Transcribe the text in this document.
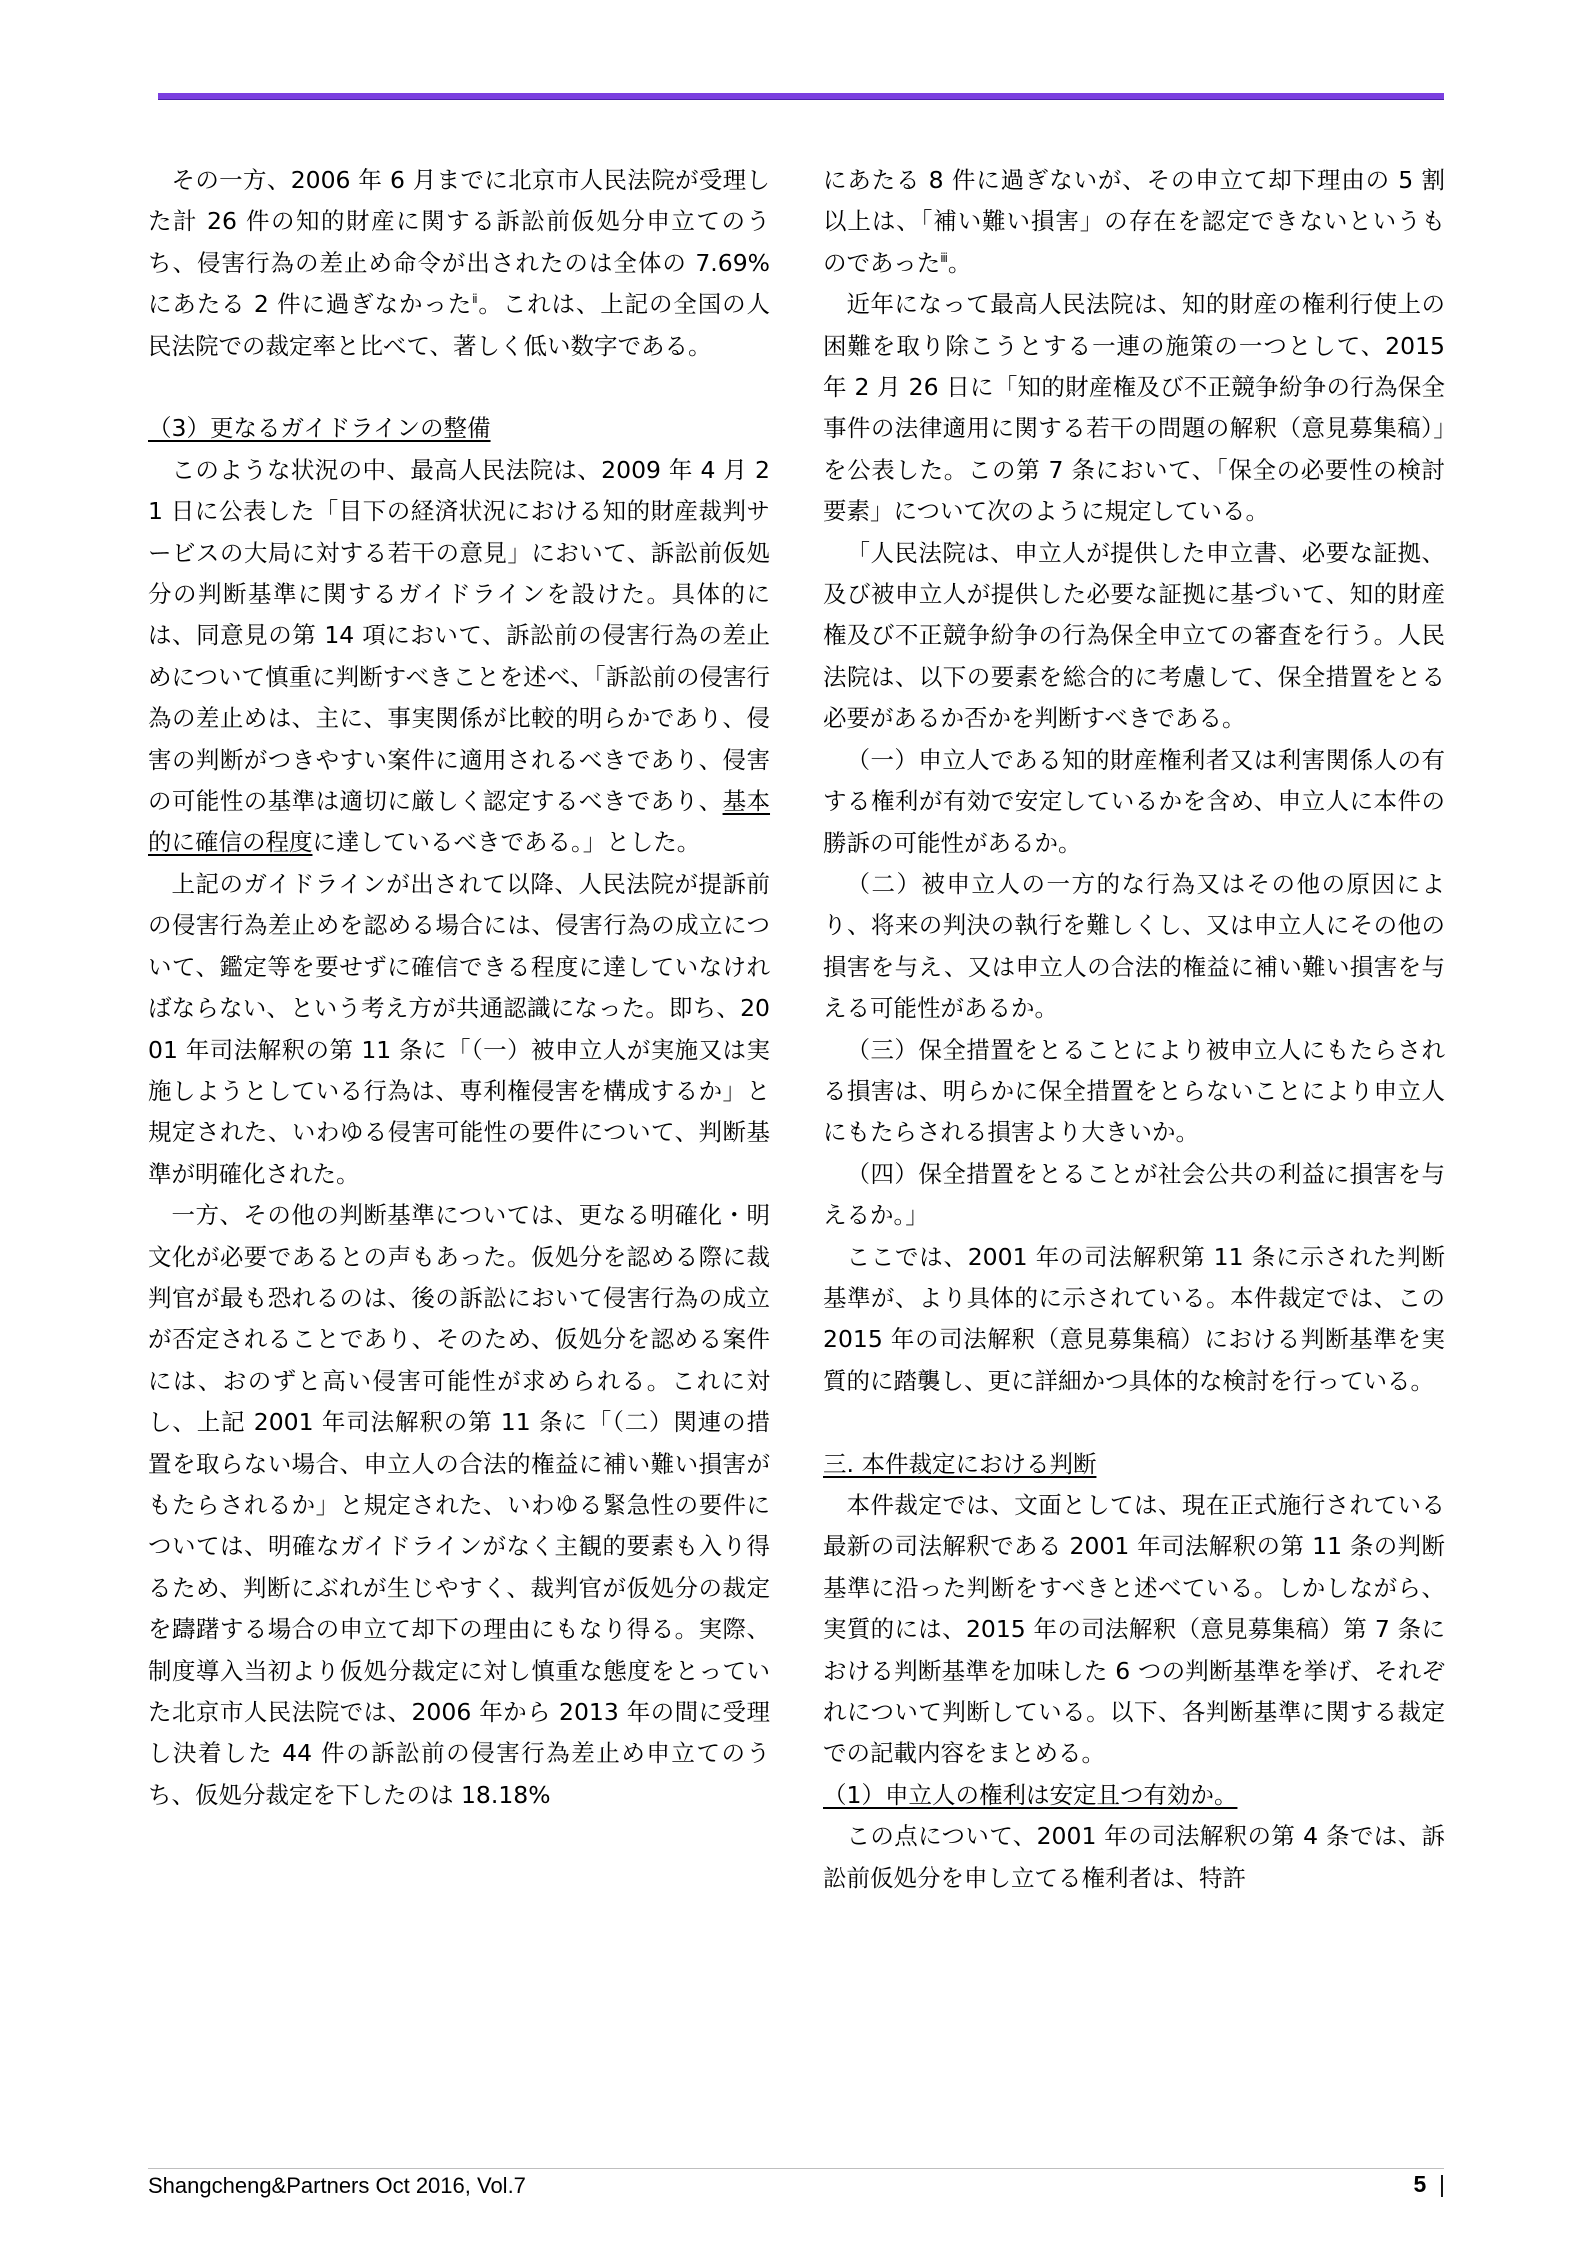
その一方、2006 年 6 月までに北京市人民法院が受理した計 26 件の知的財産に関する訴訟前仮処分申立てのうち、侵害行為の差止め命令が出されたのは全体の 7.69%にあたる 2 件に過ぎなかった$^ⅱ$。これは、上記の全国の人民法院での裁定率と比べて、著しく低い数字である。

（3）更なるガイドラインの整備

このような状況の中、最高人民法院は、2009 年 4 月 21 日に公表した「目下の経済状況における知的財産裁判サービスの大局に対する若干の意見」において、訴訟前仮処分の判断基準に関するガイドラインを設けた。具体的には、同意見の第 14 項において、訴訟前の侵害行為の差止めについて慎重に判断すべきことを述べ、「訴訟前の侵害行為の差止めは、主に、事実関係が比較的明らかであり、侵害の判断がつきやすい案件に適用されるべきであり、侵害の可能性の基準は適切に厳しく認定するべきであり、基本的に確信の程度に達しているべきである。」とした。

上記のガイドラインが出されて以降、人民法院が提訴前の侵害行為差止めを認める場合には、侵害行為の成立について、鑑定等を要せずに確信できる程度に達していなければならない、という考え方が共通認識になった。即ち、2001 年司法解釈の第 11 条に「（一）被申立人が実施又は実施しようとしている行為は、専利権侵害を構成するか」と規定された、いわゆる侵害可能性の要件について、判断基準が明確化された。

一方、その他の判断基準については、更なる明確化・明文化が必要であるとの声もあった。仮処分を認める際に裁判官が最も恐れるのは、後の訴訟において侵害行為の成立が否定されることであり、そのため、仮処分を認める案件には、おのずと高い侵害可能性が求められる。これに対し、上記 2001 年司法解釈の第 11 条に「（二）関連の措置を取らない場合、申立人の合法的権益に補い難い損害がもたらされるか」と規定された、いわゆる緊急性の要件については、明確なガイドラインがなく主観的要素も入り得るため、判断にぶれが生じやすく、裁判官が仮処分の裁定を躊躇する場合の申立て却下の理由にもなり得る。実際、制度導入当初より仮処分裁定に対し慎重な態度をとっていた北京市人民法院では、2006 年から 2013 年の間に受理し決着した 44 件の訴訟前の侵害行為差止め申立てのうち、仮処分裁定を下したのは 18.18%

にあたる 8 件に過ぎないが、その申立て却下理由の 5 割以上は、「補い難い損害」の存在を認定できないというものであった$^ⅲ$。

近年になって最高人民法院は、知的財産の権利行使上の困難を取り除こうとする一連の施策の一つとして、2015 年 2 月 26 日に「知的財産権及び不正競争紛争の行為保全事件の法律適用に関する若干の問題の解釈（意見募集稿）」を公表した。この第 7 条において、「保全の必要性の検討要素」について次のように規定している。

「人民法院は、申立人が提供した申立書、必要な証拠、及び被申立人が提供した必要な証拠に基づいて、知的財産権及び不正競争紛争の行為保全申立ての審査を行う。人民法院は、以下の要素を総合的に考慮して、保全措置をとる必要があるか否かを判断すべきである。

（一）申立人である知的財産権利者又は利害関係人の有する権利が有効で安定しているかを含め、申立人に本件の勝訴の可能性があるか。

（二）被申立人の一方的な行為又はその他の原因により、将来の判決の執行を難しくし、又は申立人にその他の損害を与え、又は申立人の合法的権益に補い難い損害を与える可能性があるか。

（三）保全措置をとることにより被申立人にもたらされる損害は、明らかに保全措置をとらないことにより申立人にもたらされる損害より大きいか。

（四）保全措置をとることが社会公共の利益に損害を与えるか。」

ここでは、2001 年の司法解釈第 11 条に示された判断基準が、より具体的に示されている。本件裁定では、この 2015 年の司法解釈（意見募集稿）における判断基準を実質的に踏襲し、更に詳細かつ具体的な検討を行っている。

三. 本件裁定における判断

本件裁定では、文面としては、現在正式施行されている最新の司法解釈である 2001 年司法解釈の第 11 条の判断基準に沿った判断をすべきと述べている。しかしながら、実質的には、2015 年の司法解釈（意見募集稿）第 7 条における判断基準を加味した 6 つの判断基準を挙げ、それぞれについて判断している。以下、各判断基準に関する裁定での記載内容をまとめる。

（1）申立人の権利は安定且つ有効か。

この点について、2001 年の司法解釈の第 4 条では、訴訟前仮処分を申し立てる権利者は、特許

Shangcheng&Partners Oct 2016, Vol.7	5 |
